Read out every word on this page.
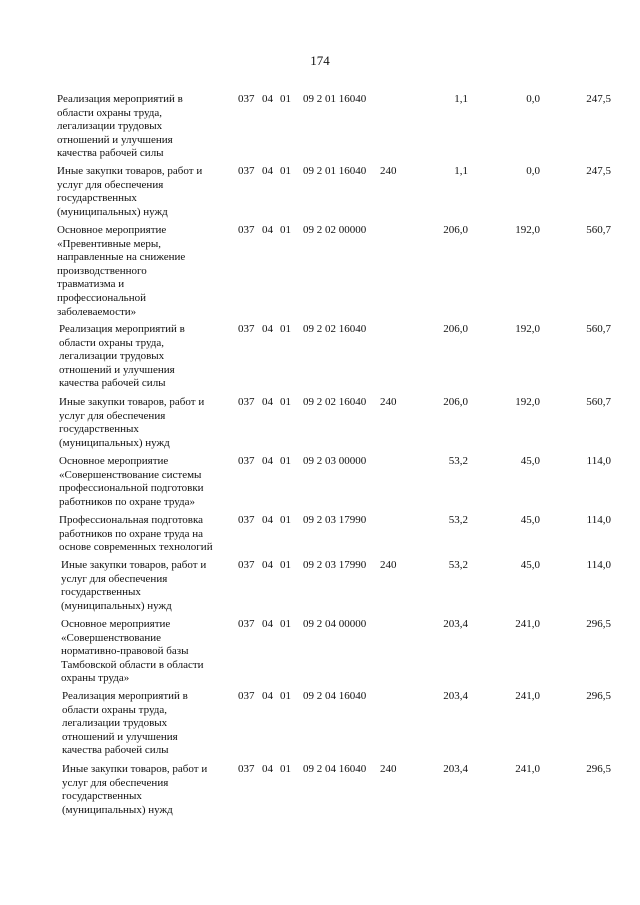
174
Реализация мероприятий в
области охраны труда,
легализации трудовых
отношений и улучшения
качества рабочей силы
037 04 01 09 2 01 16040	1,1	0,0	247,5
Иные закупки товаров, работ и
услуг для обеспечения
государственных
(муниципальных) нужд
037 04 01 09 2 01 16040 240	1,1	0,0	247,5
Основное мероприятие
«Превентивные меры,
направленные на снижение
производственного
травматизма и
профессиональной
заболеваемости»
037 04 01 09 2 02 00000	206,0	192,0	560,7
Реализация мероприятий в
области охраны труда,
легализации трудовых
отношений и улучшения
качества рабочей силы
037 04 01 09 2 02 16040	206,0	192,0	560,7
Иные закупки товаров, работ и
услуг для обеспечения
государственных
(муниципальных) нужд
037 04 01 09 2 02 16040 240	206,0	192,0	560,7
Основное мероприятие
«Совершенствование системы
профессиональной подготовки
работников по охране труда»
037 04 01 09 2 03 00000	53,2	45,0	114,0
Профессиональная подготовка
работников по охране труда на
основе современных технологий
037 04 01 09 2 03 17990	53,2	45,0	114,0
Иные закупки товаров, работ и
услуг для обеспечения
государственных
(муниципальных) нужд
037 04 01 09 2 03 17990 240	53,2	45,0	114,0
Основное мероприятие
«Совершенствование
нормативно-правовой базы
Тамбовской области в области
охраны труда»
037 04 01 09 2 04 00000	203,4	241,0	296,5
Реализация мероприятий в
области охраны труда,
легализации трудовых
отношений и улучшения
качества рабочей силы
037 04 01 09 2 04 16040	203,4	241,0	296,5
Иные закупки товаров, работ и
услуг для обеспечения
государственных
(муниципальных) нужд
037 04 01 09 2 04 16040 240	203,4	241,0	296,5
